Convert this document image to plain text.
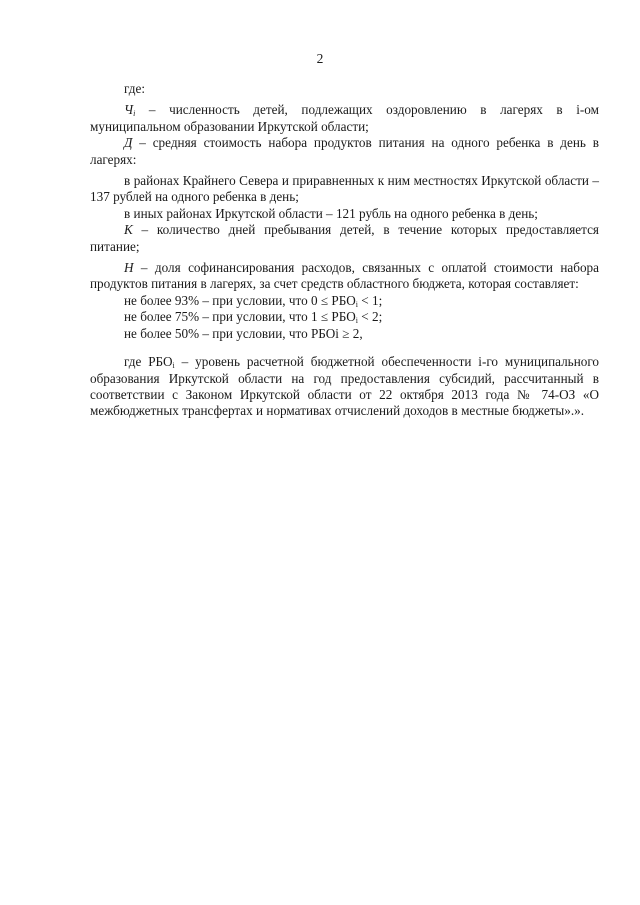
2

где:

$Ч_i$ – численность детей, подлежащих оздоровлению в лагерях в i-ом муниципальном образовании Иркутской области;

Д – средняя стоимость набора продуктов питания на одного ребенка в день в лагерях:

в районах Крайнего Севера и приравненных к ним местностях Иркутской области – 137 рублей на одного ребенка в день;

в иных районах Иркутской области – 121 рубль на одного ребенка в день;

К – количество дней пребывания детей, в течение которых предоставляется питание;

Н – доля софинансирования расходов, связанных с оплатой стоимости набора продуктов питания в лагерях, за счет средств областного бюджета, которая составляет:

не более 93% – при условии, что $0 \le РБО_i < 1$;

не более 75% – при условии, что $1 \le РБО_i < 2$;

не более 50% – при условии, что РБОi ≥ 2,

где $РБО_i$ – уровень расчетной бюджетной обеспеченности i-го муниципального образования Иркутской области на год предоставления субсидий, рассчитанный в соответствии с Законом Иркутской области от 22 октября 2013 года № 74-ОЗ «О межбюджетных трансфертах и нормативах отчислений доходов в местные бюджеты».».
